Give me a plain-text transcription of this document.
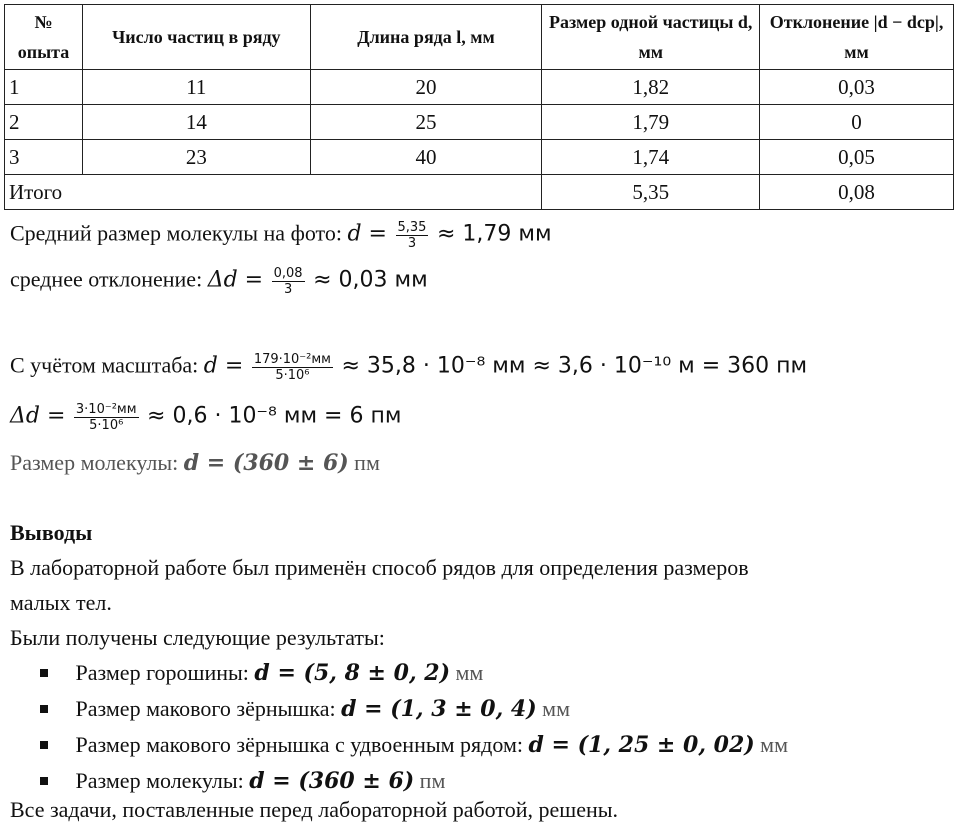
№ опыта	Число частиц в ряду	Длина ряда l, мм	Размер одной частицы d, мм	Отклонение |d − dср|, мм
1	11	20	1,82	0,03
2	14	25	1,79	0
3	23	40	1,74	0,05
Итого			5,35	0,08
Средний размер молекулы на фото: $d = \frac{5,35}{3} \approx 1,79$ мм
среднее отклонение: $\Delta d = \frac{0,08}{3} \approx 0,03$ мм
С учётом масштаба: $d = \frac{\text{179·10⁻²мм}}{\text{5·10⁶}} \approx 35,8 \cdot 10^{-8}$ мм ≈ 3,6 · 10⁻¹⁰ м = 360 пм
$\Delta d = \frac{\text{3·10⁻²мм}}{\text{5·10⁶}} \approx 0,6 \cdot 10^{-8}$ мм = 6 пм
Размер молекулы: d = (360 ± 6) пм
Выводы
В лабораторной работе был применён способ рядов для определения размеров
малых тел.
Были получены следующие результаты:
Размер горошины: d = (5, 8 ± 0, 2) мм
Размер макового зёрнышка: d = (1, 3 ± 0, 4) мм
Размер макового зёрнышка с удвоенным рядом: d = (1, 25 ± 0, 02) мм
Размер молекулы: d = (360 ± 6) пм
Все задачи, поставленные перед лабораторной работой, решены.
